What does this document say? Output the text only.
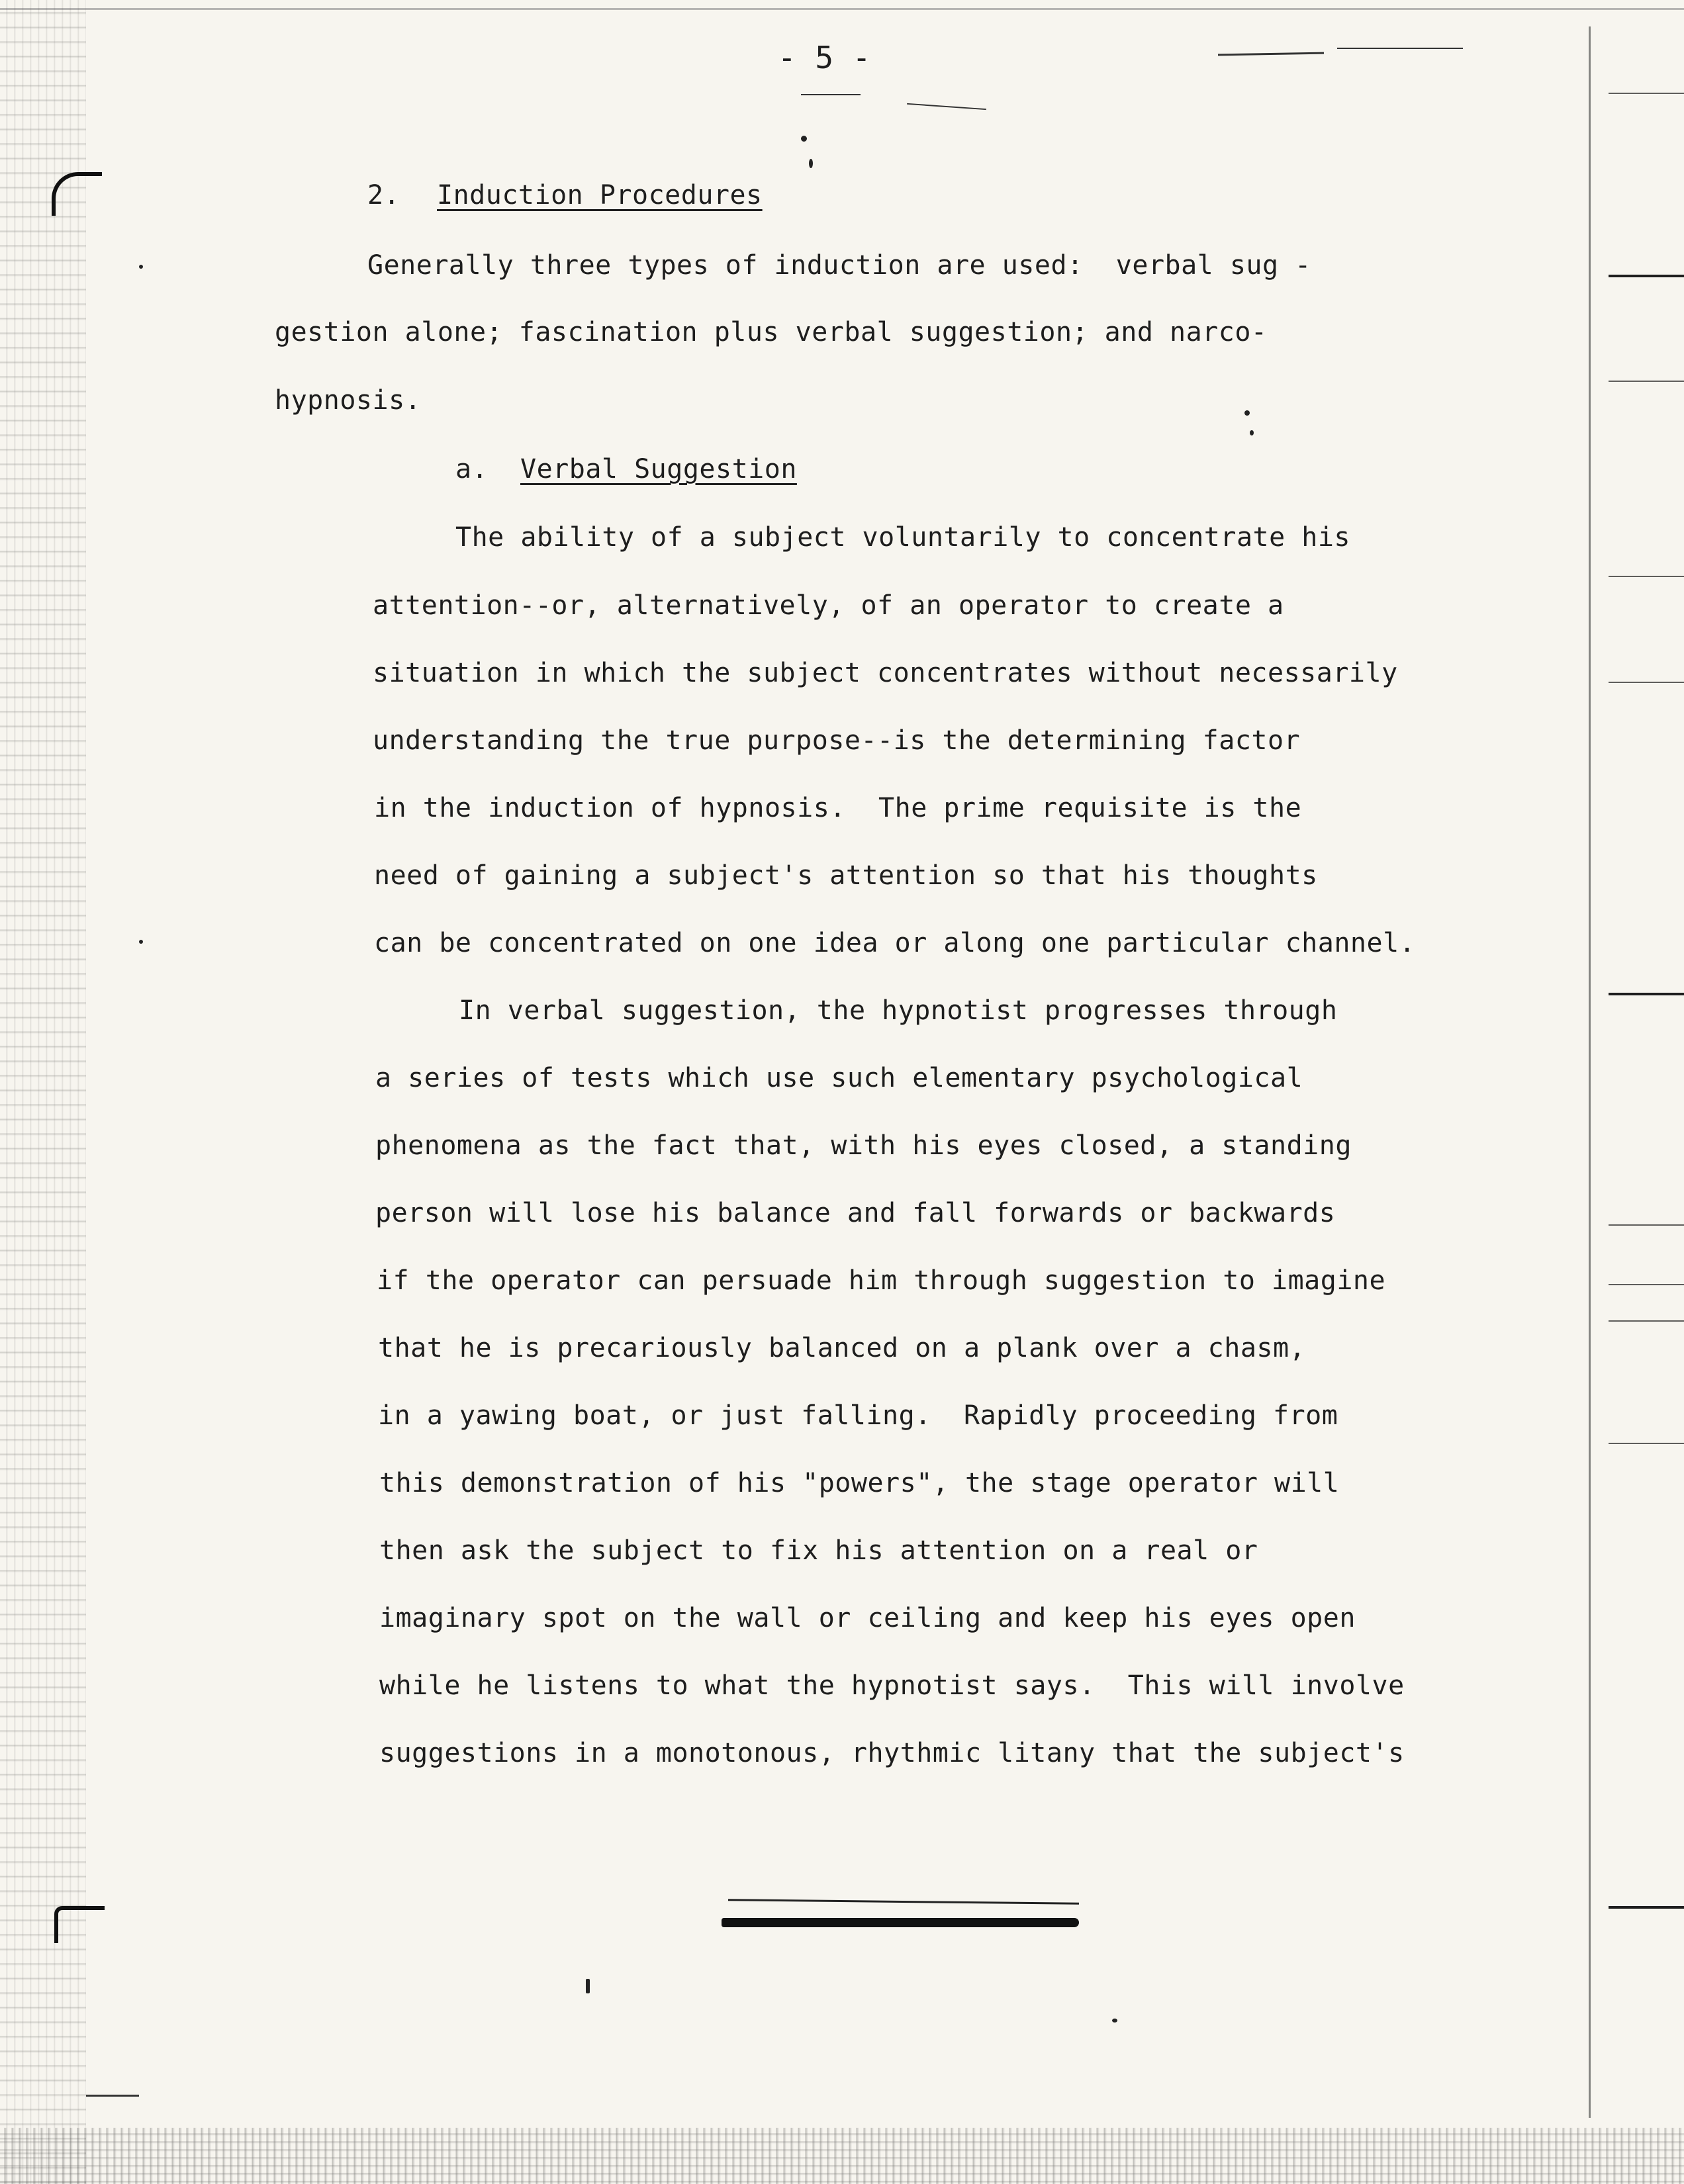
- 5 -
2. Induction Procedures
Generally three types of induction are used:  verbal sug -
gestion alone; fascination plus verbal suggestion; and narco-
hypnosis.
a. Verbal Suggestion
The ability of a subject voluntarily to concentrate his
attention--or, alternatively, of an operator to create a
situation in which the subject concentrates without necessarily
understanding the true purpose--is the determining factor
in the induction of hypnosis.  The prime requisite is the
need of gaining a subject's attention so that his thoughts
can be concentrated on one idea or along one particular channel.
In verbal suggestion, the hypnotist progresses through
a series of tests which use such elementary psychological
phenomena as the fact that, with his eyes closed, a standing
person will lose his balance and fall forwards or backwards
if the operator can persuade him through suggestion to imagine
that he is precariously balanced on a plank over a chasm,
in a yawing boat, or just falling.  Rapidly proceeding from
this demonstration of his "powers", the stage operator will
then ask the subject to fix his attention on a real or
imaginary spot on the wall or ceiling and keep his eyes open
while he listens to what the hypnotist says.  This will involve
suggestions in a monotonous, rhythmic litany that the subject's
